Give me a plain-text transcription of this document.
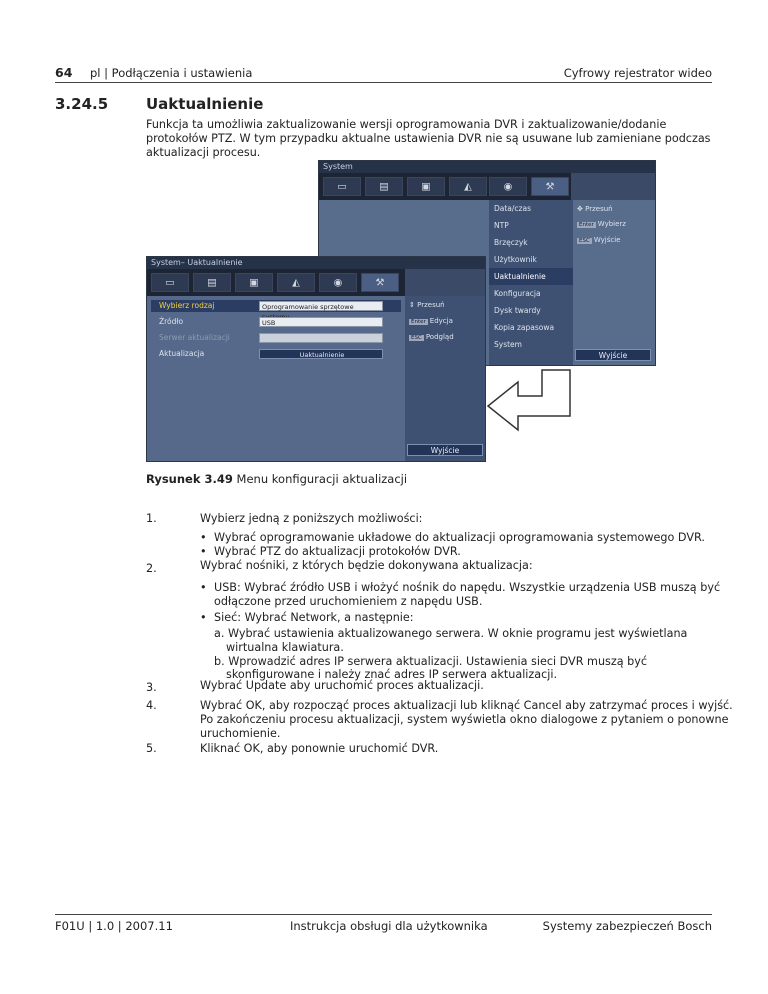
64 pl | Podłączenia i ustawienia	Cyfrowy rejestrator wideo
3.24.5	Uaktualnienie
Funkcja ta umożliwia zaktualizowanie wersji oprogramowania DVR i zaktualizowanie/dodanie protokołów PTZ. W tym przypadku aktualne ustawienia DVR nie są usuwane lub zamieniane podczas aktualizacji procesu.
System
▭	▤	▣	◭	◉	⚒
Data/czas
NTP
Brzęczyk
Użytkownik
Uaktualnienie
Konfiguracja
Dysk twardy
Kopia zapasowa
System
✥ Przesuń
Enter Wybierz
ESC Wyjście
Wyjście
System– Uaktualnienie
▭	▤	▣	◭	◉	⚒
Wybierz rodzaj	Oprogramowanie sprzętowe
Źródło	USB
Serwer aktualizacji
Aktualizacja	Uaktualnienie
⇕ Przesuń
Enter Edycja
ESC Podgląd
Wyjście
Rysunek 3.49 Menu konfiguracji aktualizacji
1.	Wybierz jedną z poniższych możliwości:
• Wybrać oprogramowanie układowe do aktualizacji oprogramowania systemowego DVR.
• Wybrać PTZ do aktualizacji protokołów DVR.
2.	Wybrać nośniki, z których będzie dokonywana aktualizacja:
• USB: Wybrać źródło USB i włożyć nośnik do napędu. Wszystkie urządzenia USB muszą być
odłączone przed uruchomieniem z napędu USB.
• Sieć: Wybrać Network, a następnie:
a. Wybrać ustawienia aktualizowanego serwera. W oknie programu jest wyświetlana
wirtualna klawiatura.
b. Wprowadzić adres IP serwera aktualizacji. Ustawienia sieci DVR muszą być
skonfigurowane i należy znać adres IP serwera aktualizacji.
3.	Wybrać Update aby uruchomić proces aktualizacji.
4.	Wybrać OK, aby rozpocząć proces aktualizacji lub kliknąć Cancel aby zatrzymać proces i wyjść.
Po zakończeniu procesu aktualizacji, system wyświetla okno dialogowe z pytaniem o ponowne
uruchomienie.
5.	Kliknać OK, aby ponownie uruchomić DVR.
F01U | 1.0 | 2007.11	Instrukcja obsługi dla użytkownika	Systemy zabezpieczeń Bosch
